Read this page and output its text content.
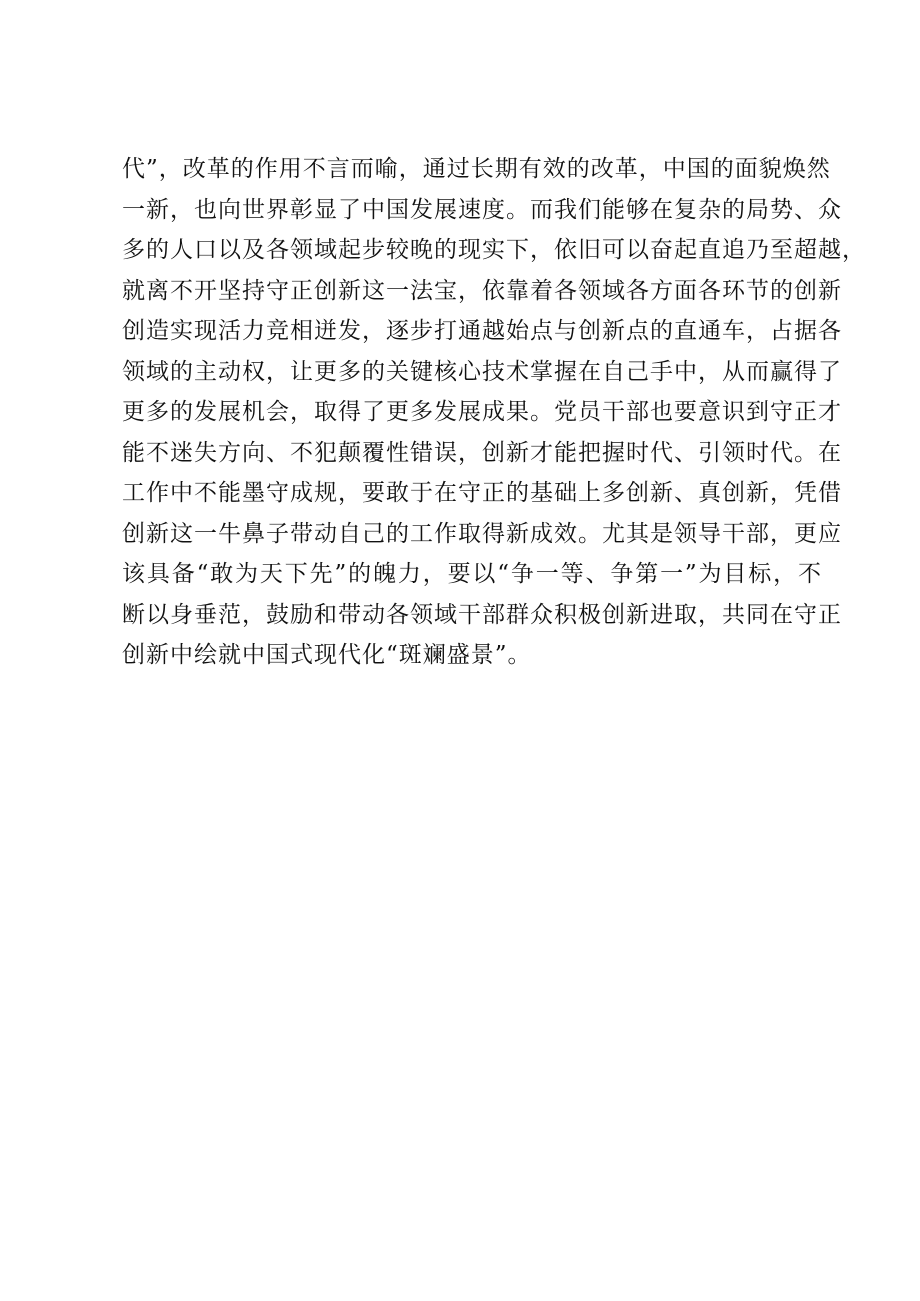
代”，改革的作用不言而喻，通过长期有效的改革，中国的面貌焕然
一新，也向世界彰显了中国发展速度。而我们能够在复杂的局势、众
多的人口以及各领域起步较晚的现实下，依旧可以奋起直追乃至超越，
就离不开坚持守正创新这一法宝，依靠着各领域各方面各环节的创新
创造实现活力竞相迸发，逐步打通越始点与创新点的直通车，占据各
领域的主动权，让更多的关键核心技术掌握在自己手中，从而赢得了
更多的发展机会，取得了更多发展成果。党员干部也要意识到守正才
能不迷失方向、不犯颠覆性错误，创新才能把握时代、引领时代。在
工作中不能墨守成规，要敢于在守正的基础上多创新、真创新，凭借
创新这一牛鼻子带动自己的工作取得新成效。尤其是领导干部，更应
该具备“敢为天下先”的魄力，要以“争一等、争第一”为目标，不
断以身垂范，鼓励和带动各领域干部群众积极创新进取，共同在守正
创新中绘就中国式现代化“斑斓盛景”。
